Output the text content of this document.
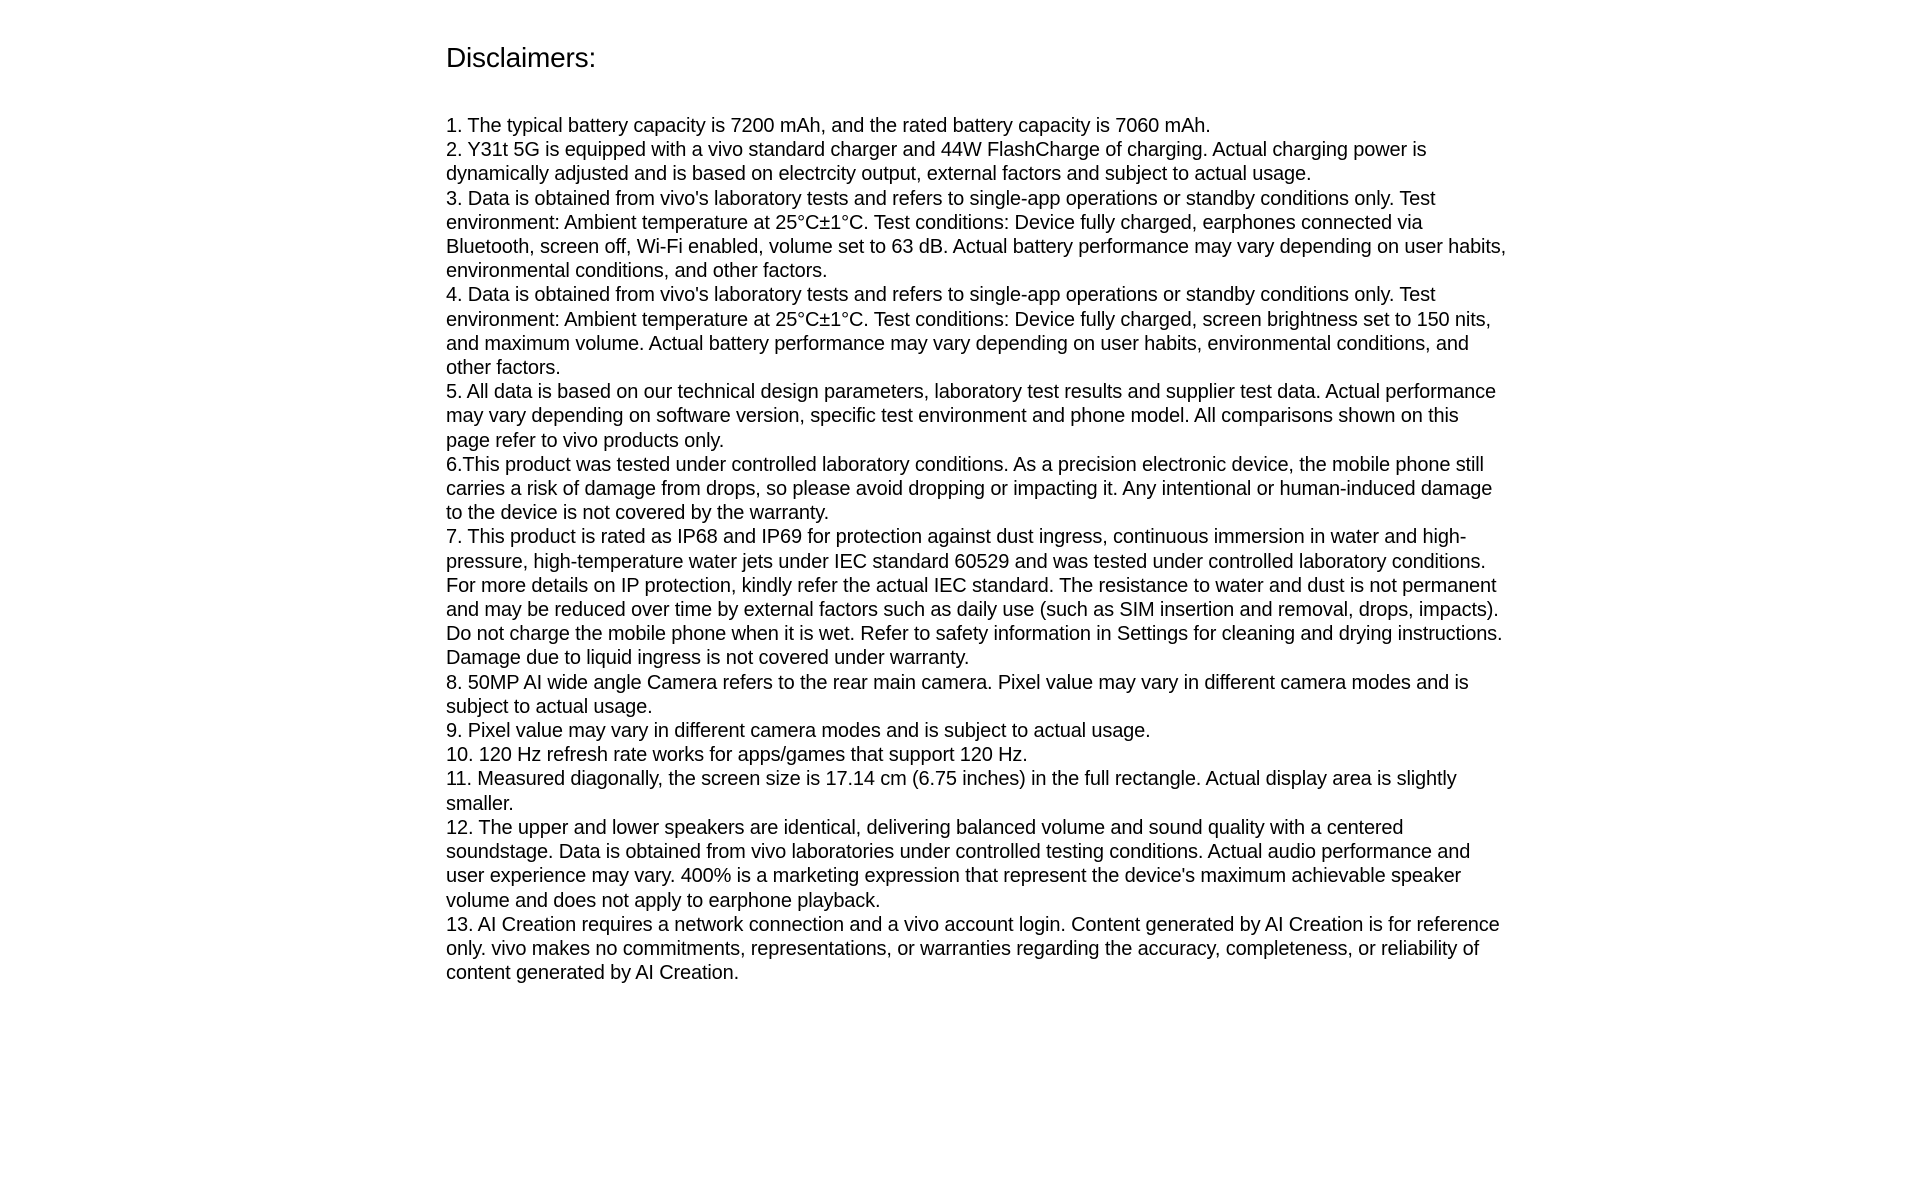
Disclaimers:
1. The typical battery capacity is 7200 mAh, and the rated battery capacity is 7060 mAh.
2. Y31t 5G is equipped with a vivo standard charger and 44W FlashCharge of charging. Actual charging power is dynamically adjusted and is based on electrcity output, external factors and subject to actual usage.
3. Data is obtained from vivo's laboratory tests and refers to single-app operations or standby conditions only. Test environment: Ambient temperature at 25°C±1°C. Test conditions: Device fully charged, earphones connected via Bluetooth, screen off, Wi-Fi enabled, volume set to 63 dB. Actual battery performance may vary depending on user habits, environmental conditions, and other factors.
4. Data is obtained from vivo's laboratory tests and refers to single-app operations or standby conditions only. Test environment: Ambient temperature at 25°C±1°C. Test conditions: Device fully charged, screen brightness set to 150 nits, and maximum volume. Actual battery performance may vary depending on user habits, environmental conditions, and other factors.
5. All data is based on our technical design parameters, laboratory test results and supplier test data. Actual performance may vary depending on software version, specific test environment and phone model. All comparisons shown on this page refer to vivo products only.
6.This product was tested under controlled laboratory conditions. As a precision electronic device, the mobile phone still carries a risk of damage from drops, so please avoid dropping or impacting it. Any intentional or human-induced damage to the device is not covered by the warranty.
7. This product is rated as IP68 and IP69 for protection against dust ingress, continuous immersion in water and high-pressure, high-temperature water jets under IEC standard 60529 and was tested under controlled laboratory conditions. For more details on IP protection, kindly refer the actual IEC standard. The resistance to water and dust is not permanent and may be reduced over time by external factors such as daily use (such as SIM insertion and removal, drops, impacts). Do not charge the mobile phone when it is wet. Refer to safety information in Settings for cleaning and drying instructions. Damage due to liquid ingress is not covered under warranty.
8. 50MP AI wide angle Camera refers to the rear main camera. Pixel value may vary in different camera modes and is subject to actual usage.
9. Pixel value may vary in different camera modes and is subject to actual usage.
10. 120 Hz refresh rate works for apps/games that support 120 Hz.
11. Measured diagonally, the screen size is 17.14 cm (6.75 inches) in the full rectangle. Actual display area is slightly smaller.
12. The upper and lower speakers are identical, delivering balanced volume and sound quality with a centered soundstage. Data is obtained from vivo laboratories under controlled testing conditions. Actual audio performance and user experience may vary. 400% is a marketing expression that represent the device's maximum achievable speaker volume and does not apply to earphone playback.
13. AI Creation requires a network connection and a vivo account login. Content generated by AI Creation is for reference only. vivo makes no commitments, representations, or warranties regarding the accuracy, completeness, or reliability of content generated by AI Creation.
